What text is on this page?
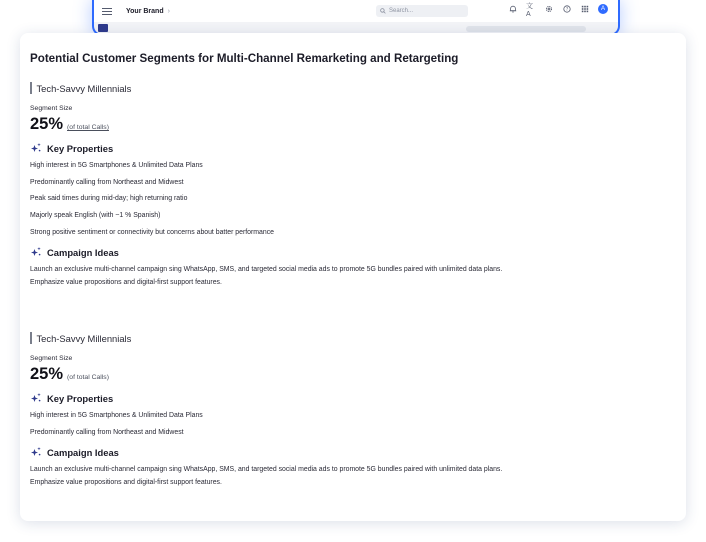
Your Brand ›	Search...
文A
?	A
Potential Customer Segments for Multi-Channel Remarketing and Retargeting
Tech-Savvy Millennials
Segment Size
25% (of total Calls)
Key Properties
High interest in 5G Smartphones & Unlimited Data Plans
Predominantly calling from Northeast and Midwest
Peak said times during mid-day; high returning ratio
Majorly speak English (with ~1 % Spanish)
Strong positive sentiment or connectivity but concerns about batter performance
Campaign Ideas
Launch an exclusive multi-channel campaign sing WhatsApp, SMS, and targeted social media ads to promote 5G bundles paired with unlimited data plans.
Emphasize value propositions and digital-first support features.
Tech-Savvy Millennials
Segment Size
25% (of total Calls)
Key Properties
High interest in 5G Smartphones & Unlimited Data Plans
Predominantly calling from Northeast and Midwest
Campaign Ideas
Launch an exclusive multi-channel campaign sing WhatsApp, SMS, and targeted social media ads to promote 5G bundles paired with unlimited data plans.
Emphasize value propositions and digital-first support features.
